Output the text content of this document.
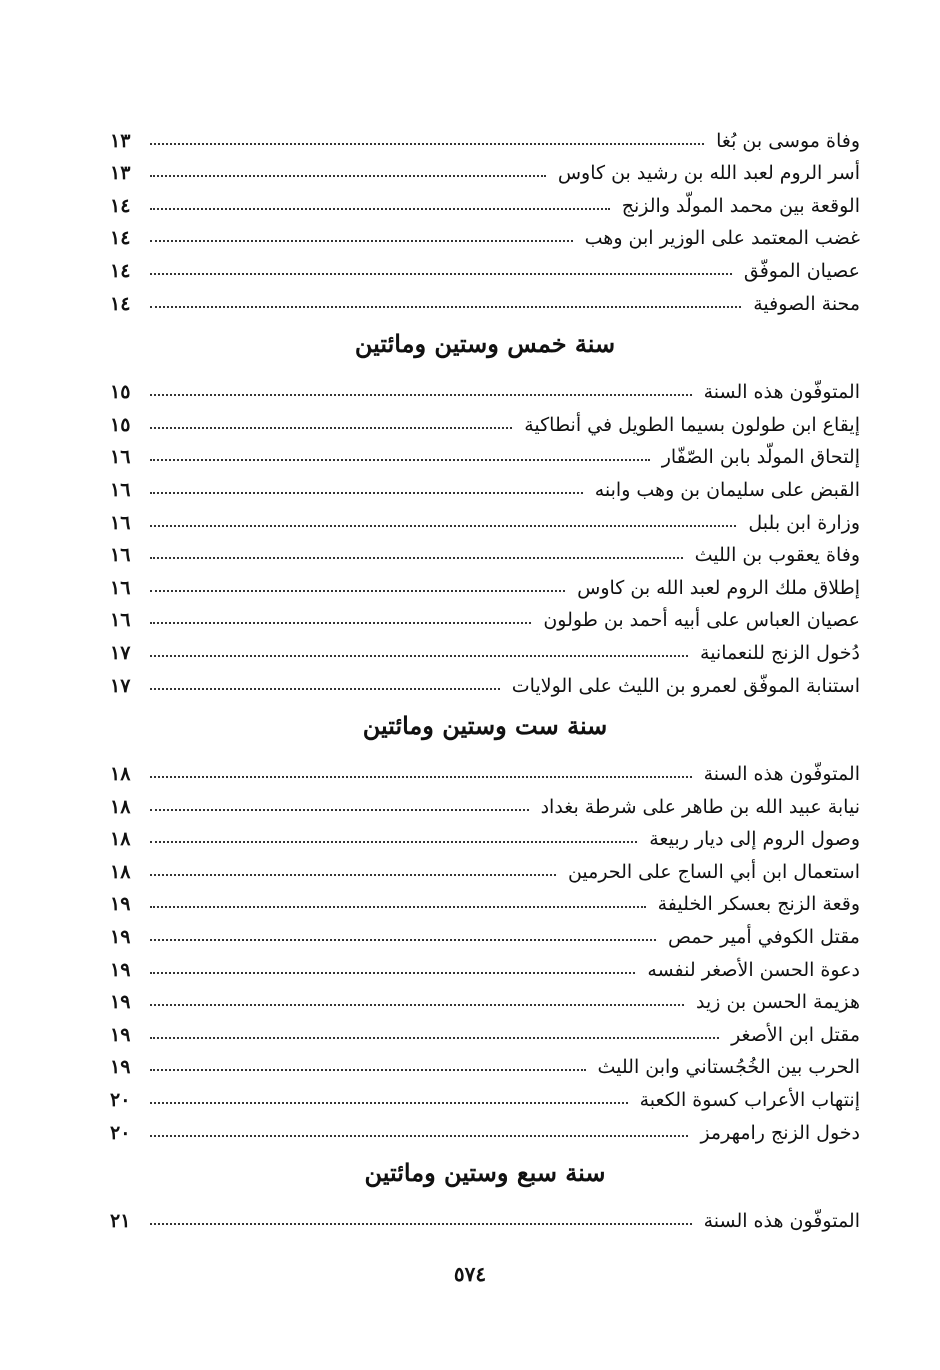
وفاة موسى بن بُغا
١٣
أسر الروم لعبد الله بن رشيد بن كاوس
١٣
الوقعة بين محمد المولّد والزنج
١٤
غضب المعتمد على الوزير ابن وهب
١٤
عصيان الموفّق
١٤
محنة الصوفية
١٤
سنة خمس وستين ومائتين
المتوفّون هذه السنة
١٥
إيقاع ابن طولون بسيما الطويل في أنطاكية
١٥
إلتحاق المولّد بابن الصّفّار
١٦
القبض على سليمان بن وهب وابنه
١٦
وزارة ابن بلبل
١٦
وفاة يعقوب بن الليث
١٦
إطلاق ملك الروم لعبد الله بن كاوس
١٦
عصيان العباس على أبيه أحمد بن طولون
١٦
دُخول الزنج للنعمانية
١٧
استنابة الموفّق لعمرو بن الليث على الولايات
١٧
سنة ست وستين ومائتين
المتوفّون هذه السنة
١٨
نيابة عبيد الله بن طاهر على شرطة بغداد
١٨
وصول الروم إلى ديار ربيعة
١٨
استعمال ابن أبي الساج على الحرمين
١٨
وقعة الزنج بعسكر الخليفة
١٩
مقتل الكوفي أمير حمص
١٩
دعوة الحسن الأصغر لنفسه
١٩
هزيمة الحسن بن زيد
١٩
مقتل ابن الأصغر
١٩
الحرب بين الخُجُستاني وابن الليث
١٩
إنتهاب الأعراب كسوة الكعبة
٢٠
دخول الزنج رامهرمز
٢٠
سنة سبع وستين ومائتين
المتوفّون هذه السنة
٢١
٥٧٤
